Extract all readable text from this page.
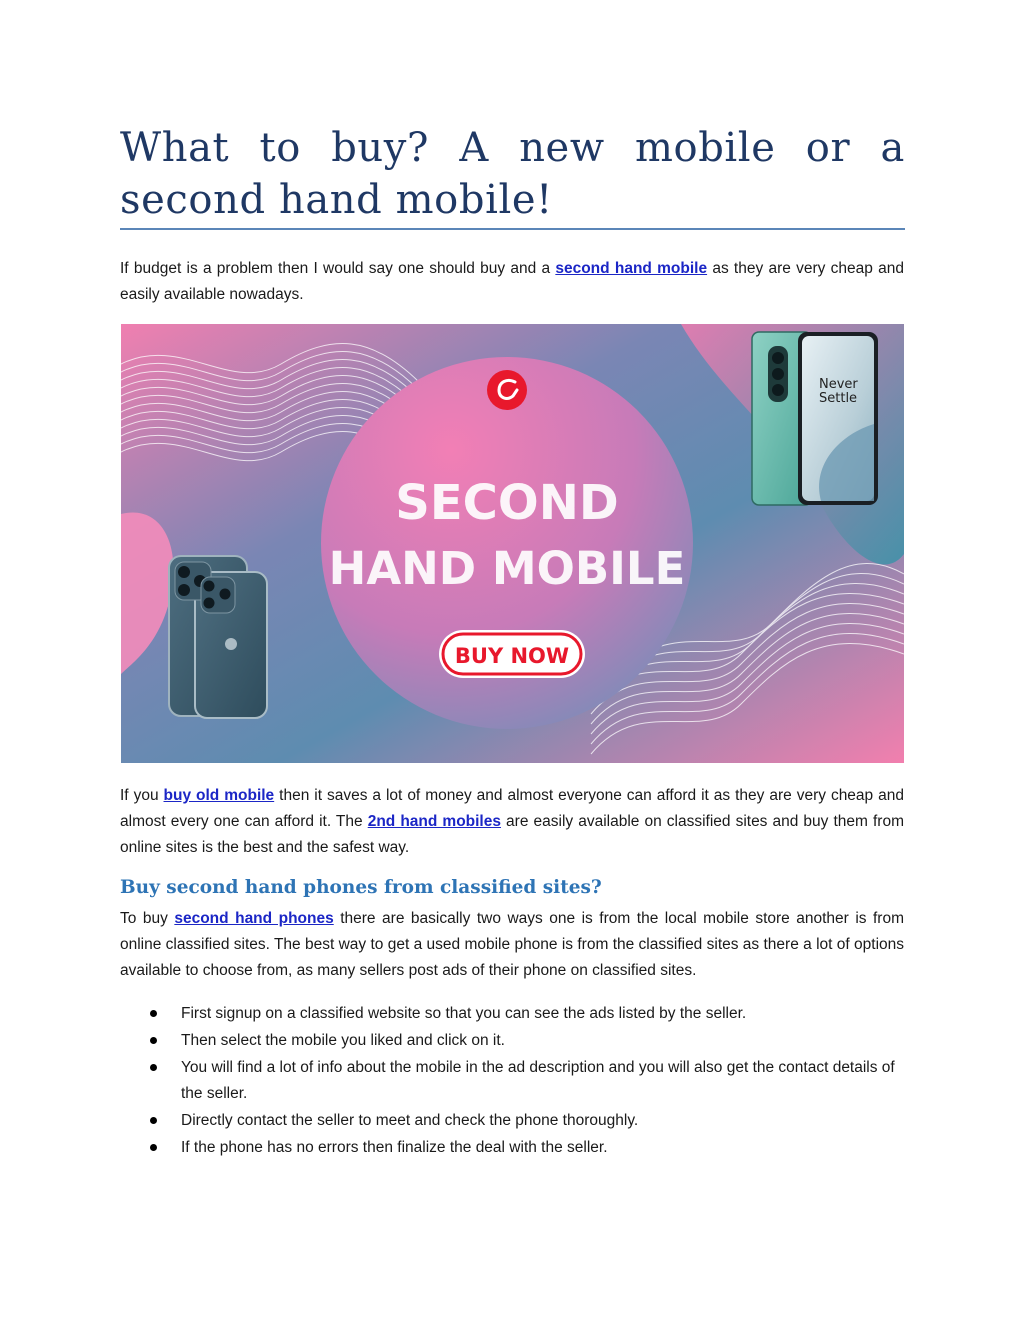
What to buy? A new mobile or a second hand mobile!

If budget is a problem then I would say one should buy and a second hand mobile as they are very cheap and easily available nowadays.

SECOND
HAND MOBILE
BUY NOW
Never
Settle

If you buy old mobile then it saves a lot of money and almost everyone can afford it as they are very cheap and almost every one can afford it. The 2nd hand mobiles are easily available on classified sites and buy them from online sites is the best and the safest way.

Buy second hand phones from classified sites?

To buy second hand phones there are basically two ways one is from the local mobile store another is from online classified sites. The best way to get a used mobile phone is from the classified sites as there a lot of options available to choose from, as many sellers post ads of their phone on classified sites.

First signup on a classified website so that you can see the ads listed by the seller.
Then select the mobile you liked and click on it.
You will find a lot of info about the mobile in the ad description and you will also get the contact details of the seller.
Directly contact the seller to meet and check the phone thoroughly.
If the phone has no errors then finalize the deal with the seller.
